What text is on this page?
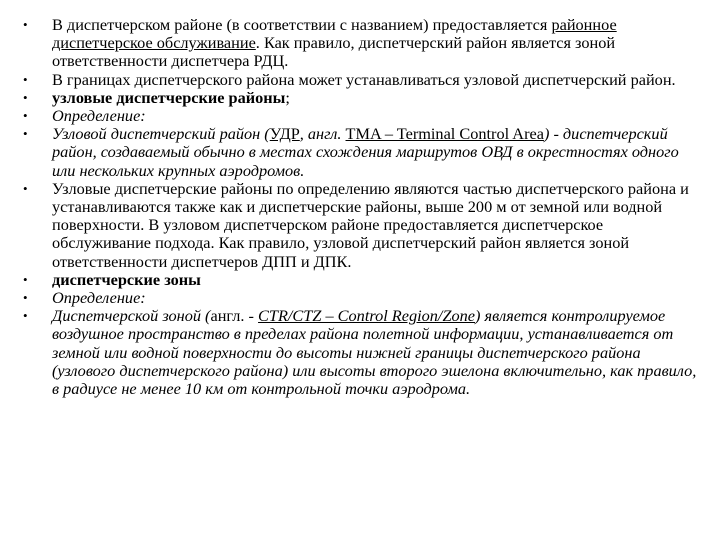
• В диспетчерском районе (в соответствии с названием) предоставляется районное диспетчерское обслуживание. Как правило, диспетчерский район является зоной ответственности диспетчера РДЦ.
• В границах диспетчерского района может устанавливаться узловой диспетчерский район.
• узловые диспетчерские районы;
• Определение:
• Узловой диспетчерский район (УДР, англ. TMA – Terminal Control Area) - диспетчерский район, создаваемый обычно в местах схождения маршрутов ОВД в окрестностях одного или нескольких крупных аэродромов.
• Узловые диспетчерские районы по определению являются частью диспетчерского района и устанавливаются также как и диспетчерские районы, выше 200 м от земной или водной поверхности. В узловом диспетчерском районе предоставляется диспетчерское обслуживание подхода. Как правило, узловой диспетчерский район является зоной ответственности диспетчеров ДПП и ДПК.
• диспетчерские зоны
• Определение:
• Диспетчерской зоной (англ. - CTR/CTZ – Control Region/Zone) является контролируемое воздушное пространство в пределах района полетной информации, устанавливается от земной или водной поверхности до высоты нижней границы диспетчерского района (узлового диспетчерского района) или высоты второго эшелона включительно, как правило, в радиусе не менее 10 км от контрольной точки аэродрома.
